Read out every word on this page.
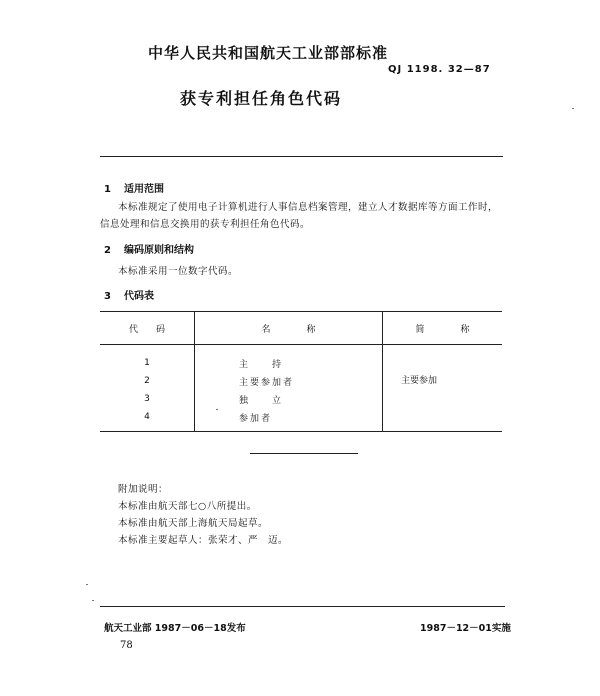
中华人民共和国航天工业部部标准
QJ 1198. 32—87
获专利担任角色代码
1 适用范围
本标准规定了使用电子计算机进行人事信息档案管理，建立人才数据库等方面工作时，
信息处理和信息交换用的获专利担任角色代码。
2 编码原则和结构
本标准采用一位数字代码。
3 代码表
代　　码	名　　　　称	简　　　　称
1	主　　持	
2	主要参加者	主要参加
3	独　　立	
4	参加者	
附加说明：
本标准由航天部七○八所提出。
本标准由航天部上海航天局起草。
本标准主要起草人：张荣才、严　迈。
航天工业部 1987－06－18发布	1987－12－01实施
78
